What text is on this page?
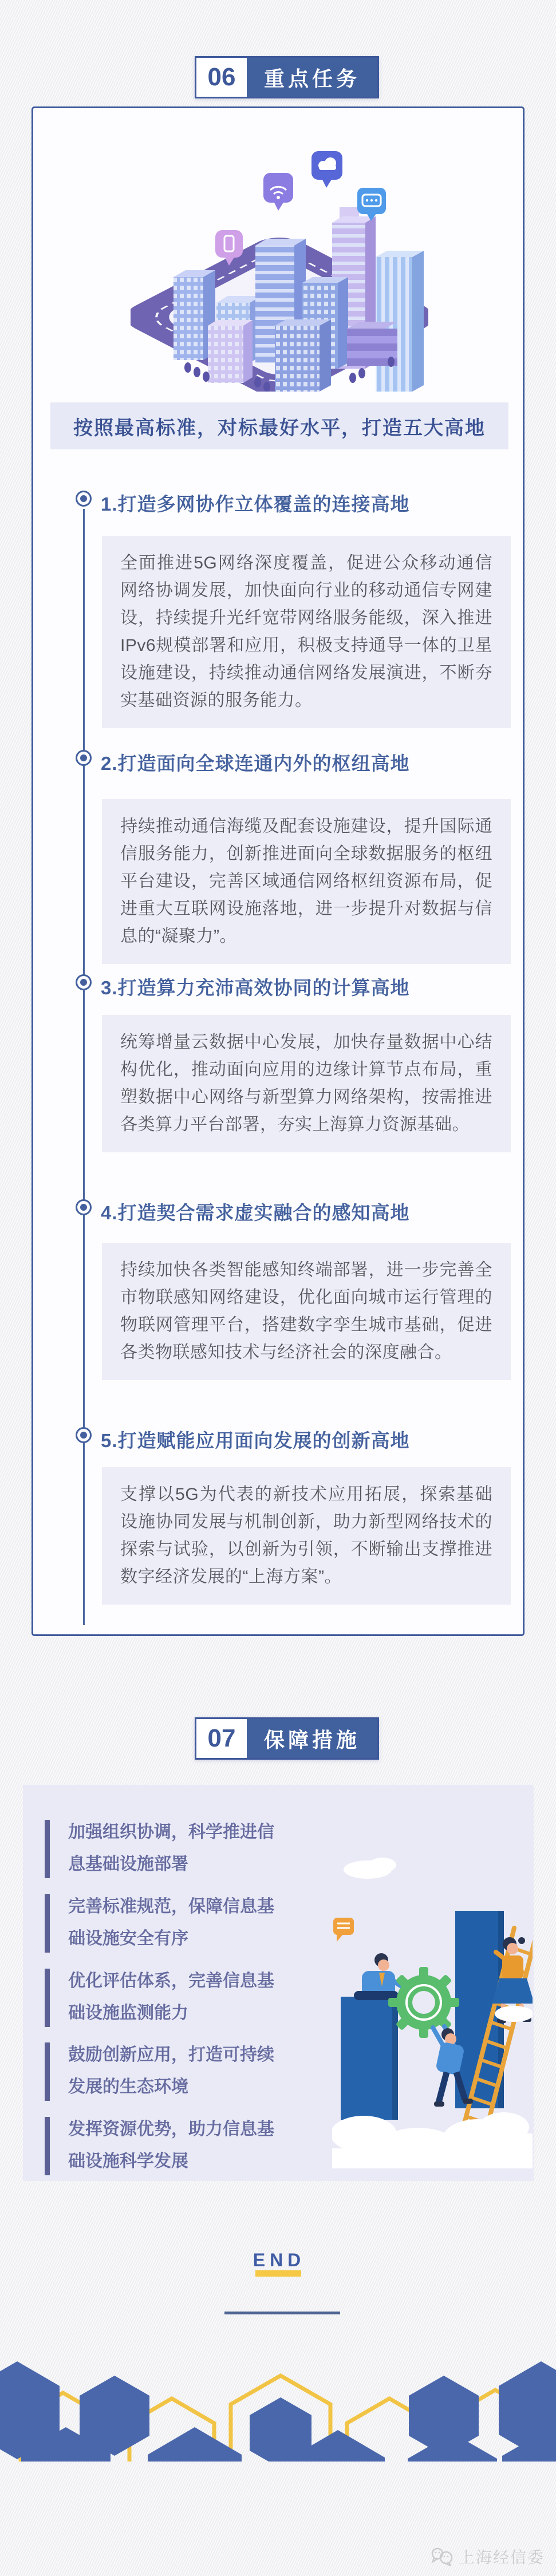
06	重点任务
按照最高标准，对标最好水平，打造五大高地
1.打造多网协作立体覆盖的连接高地
全面推进5G网络深度覆盖，促进公众移动通信网络协调发展，加快面向行业的移动通信专网建设，持续提升光纤宽带网络服务能级，深入推进IPv6规模部署和应用，积极支持通导一体的卫星设施建设，持续推动通信网络发展演进，不断夯实基础资源的服务能力。
2.打造面向全球连通内外的枢纽高地
持续推动通信海缆及配套设施建设，提升国际通信服务能力，创新推进面向全球数据服务的枢纽平台建设，完善区域通信网络枢纽资源布局，促进重大互联网设施落地，进一步提升对数据与信息的“凝聚力”。
3.打造算力充沛高效协同的计算高地
统筹增量云数据中心发展，加快存量数据中心结构优化，推动面向应用的边缘计算节点布局，重塑数据中心网络与新型算力网络架构，按需推进各类算力平台部署，夯实上海算力资源基础。
4.打造契合需求虚实融合的感知高地
持续加快各类智能感知终端部署，进一步完善全市物联感知网络建设，优化面向城市运行管理的物联网管理平台，搭建数字孪生城市基础，促进各类物联感知技术与经济社会的深度融合。
5.打造赋能应用面向发展的创新高地
支撑以5G为代表的新技术应用拓展，探索基础设施协同发展与机制创新，助力新型网络技术的探索与试验，以创新为引领，不断输出支撑推进数字经济发展的“上海方案”。
07	保障措施
加强组织协调，科学推进信息基础设施部署
完善标准规范，保障信息基础设施安全有序
优化评估体系，完善信息基础设施监测能力
鼓励创新应用，打造可持续发展的生态环境
发挥资源优势，助力信息基础设施科学发展
END
上海经信委
